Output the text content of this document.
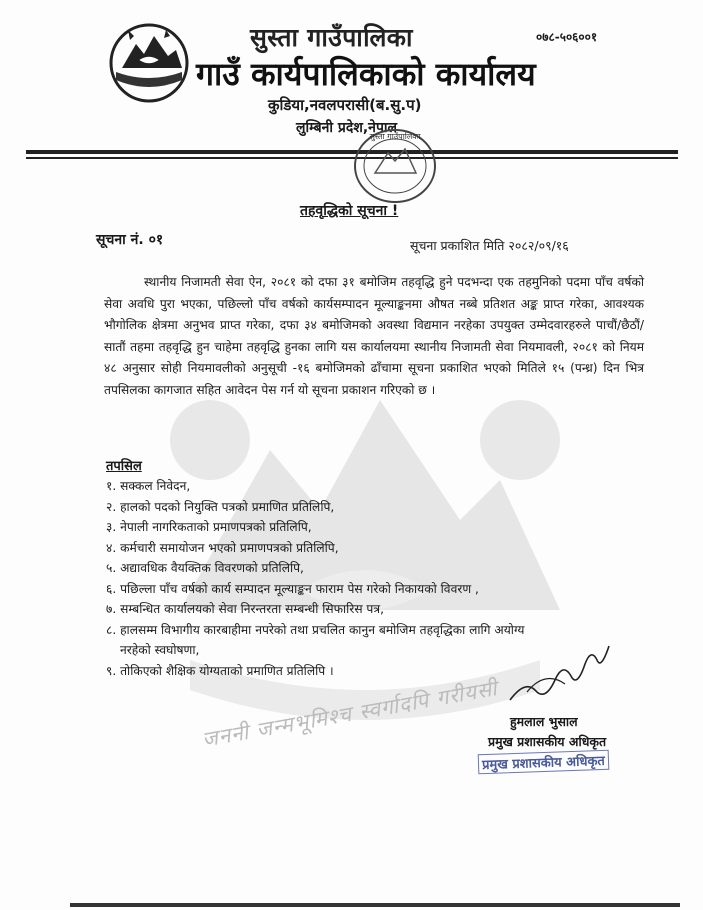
सुस्ता गाउँपालिका
गाउँ कार्यपालिकाको कार्यालय
कुडिया,नवलपरासी(ब.सु.प)
लुम्बिनी प्रदेश,नेपाल
०७८-५०६००१
सुस्ता गाउँपालिका
तहवृद्धिको सूचना !
सूचना नं. ०१	सूचना प्रकाशित मिति २०८२/०९/१६
स्थानीय निजामती सेवा ऐन, २०८१ को दफा ३१ बमोजिम तहवृद्धि हुने पदभन्दा एक तहमुनिको पदमा पाँच वर्षको सेवा अवधि पुरा भएका, पछिल्लो पाँच वर्षको कार्यसम्पादन मूल्याङ्कनमा औषत नब्बे प्रतिशत अङ्क प्राप्त गरेका, आवश्यक भौगोलिक क्षेत्रमा अनुभव प्राप्त गरेका, दफा ३४ बमोजिमको अवस्था विद्यमान नरहेका उपयुक्त उम्मेदवारहरुले पाचौं/छैठौं/सातौं तहमा तहवृद्धि हुन चाहेमा तहवृद्धि हुनका लागि यस कार्यालयमा स्थानीय निजामती सेवा नियमावली, २०८१ को नियम ४८ अनुसार सोही नियमावलीको अनुसूची -१६ बमोजिमको ढाँचामा सूचना प्रकाशित भएको मितिले १५ (पन्ध्र) दिन भित्र तपसिलका कागजात सहित आवेदन पेस गर्न यो सूचना प्रकाशन गरिएको छ ।
तपसिल
१. सक्कल निवेदन,
२. हालको पदको नियुक्ति पत्रको प्रमाणित प्रतिलिपि,
३. नेपाली नागरिकताको प्रमाणपत्रको प्रतिलिपि,
४. कर्मचारी समायोजन भएको प्रमाणपत्रको प्रतिलिपि,
५. अद्यावधिक वैयक्तिक विवरणको प्रतिलिपि,
६. पछिल्ला पाँच वर्षको कार्य सम्पादन मूल्याङ्कन फाराम पेस गरेको निकायको विवरण ,
७. सम्बन्धित कार्यालयको सेवा निरन्तरता सम्बन्धी सिफारिस पत्र,
८. हालसम्म विभागीय कारबाहीमा नपरेको तथा प्रचलित कानुन बमोजिम तहवृद्धिका लागि अयोग्य
नरहेको स्वघोषणा,
९. तोकिएको शैक्षिक योग्यताको प्रमाणित प्रतिलिपि ।
जननी जन्मभूमिश्च स्वर्गादपि गरीयसी हुमलाल भुसाल
प्रमुख प्रशासकीय अधिकृत
प्रमुख प्रशासकीय अधिकृत
